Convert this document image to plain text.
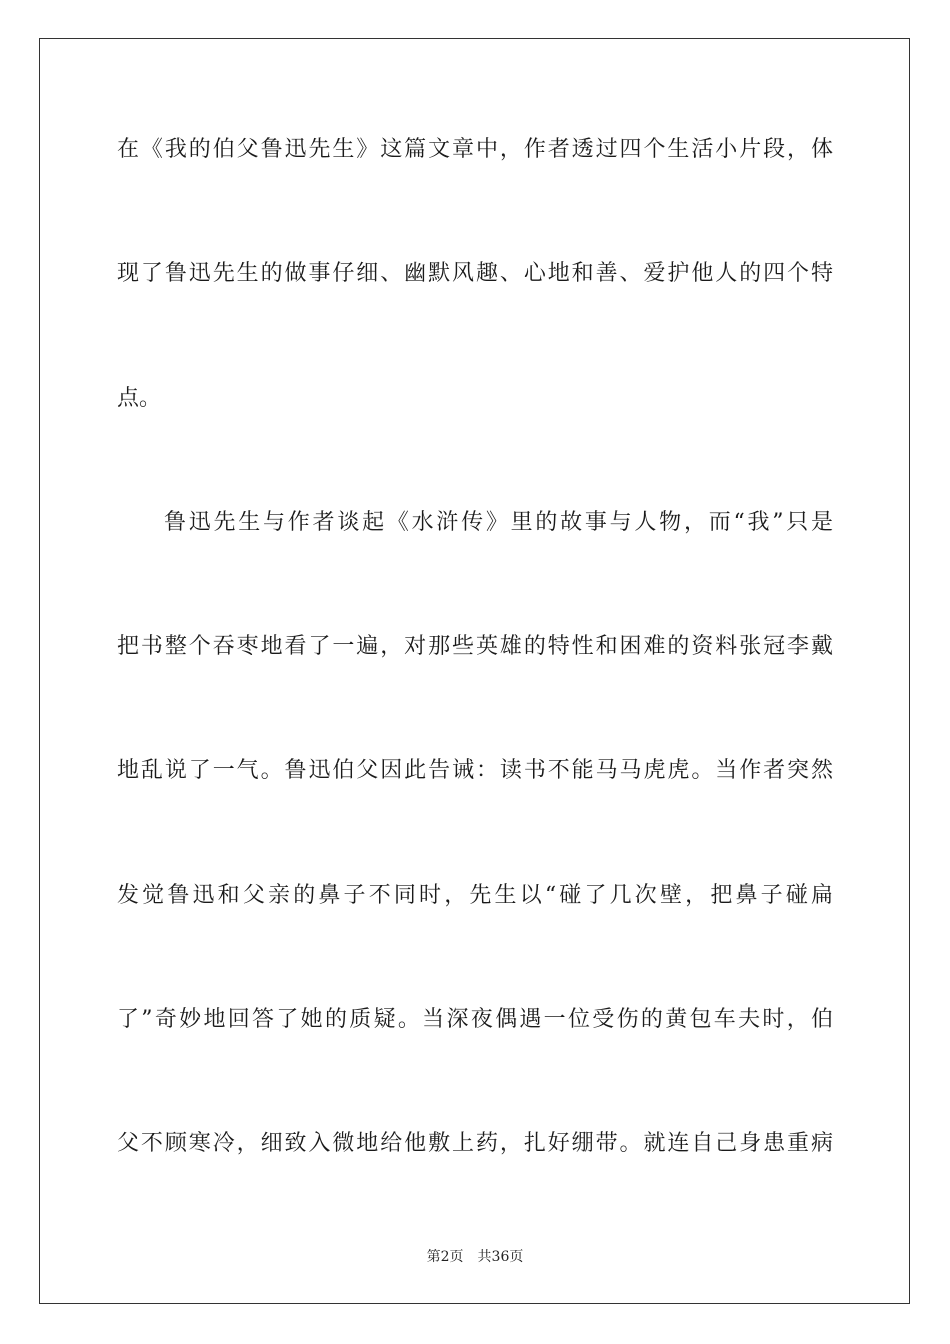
在《我的伯父鲁迅先生》这篇文章中，作者透过四个生活小片段，体
现了鲁迅先生的做事仔细、幽默风趣、心地和善、爱护他人的四个特
点。
鲁迅先生与作者谈起《水浒传》里的故事与人物，而“我”只是
把书整个吞枣地看了一遍，对那些英雄的特性和困难的资料张冠李戴
地乱说了一气。鲁迅伯父因此告诫：读书不能马马虎虎。当作者突然
发觉鲁迅和父亲的鼻子不同时，先生以“碰了几次壁，把鼻子碰扁
了”奇妙地回答了她的质疑。当深夜偶遇一位受伤的黄包车夫时，伯
父不顾寒冷，细致入微地给他敷上药，扎好绷带。就连自己身患重病
第2页 共36页
